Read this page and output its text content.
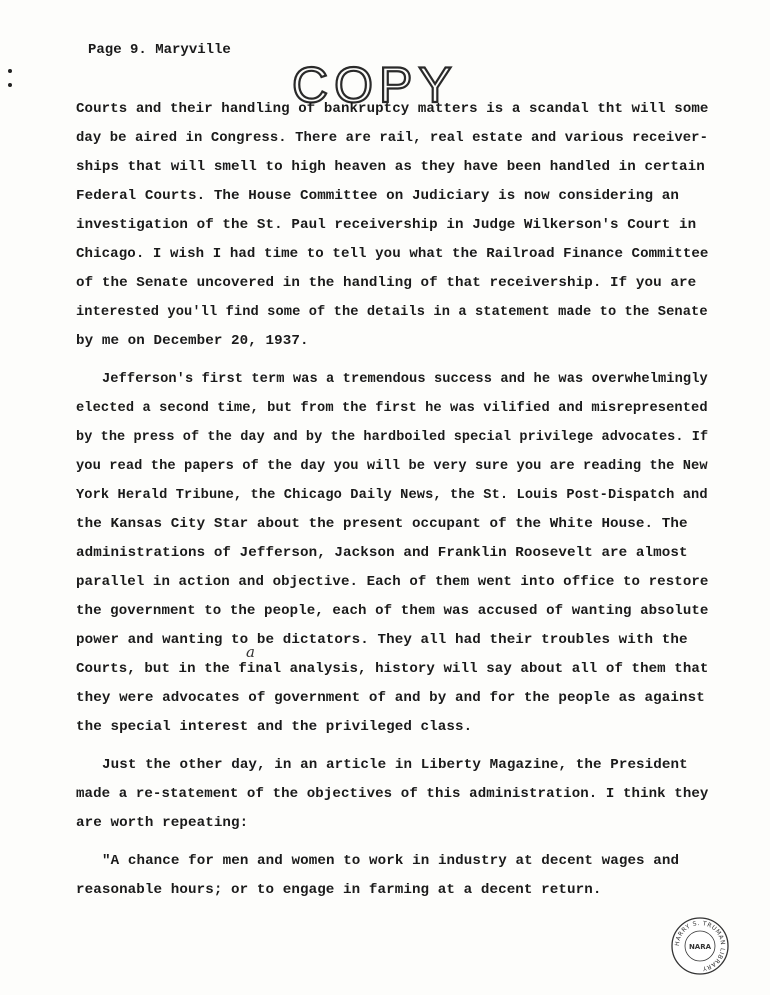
Page 9. Maryville
COPY
Courts and their handling of bankruptcy matters is a scandal tht will some
day be aired in Congress. There are rail, real estate and various receiver-
ships that will smell to high heaven as they have been handled in certain
Federal Courts. The House Committee on Judiciary is now considering an
investigation of the St. Paul receivership in Judge Wilkerson's Court in
Chicago. I wish I had time to tell you what the Railroad Finance Committee
of the Senate uncovered in the handling of that receivership. If you are
interested you'll find some of the details in a statement made to the Senate
by me on December 20, 1937.
Jefferson's first term was a tremendous success and he was overwhelmingly
elected a second time, but from the first he was vilified and misrepresented
by the press of the day and by the hardboiled special privilege advocates. If
you read the papers of the day you will be very sure you are reading the New
York Herald Tribune, the Chicago Daily News, the St. Louis Post-Dispatch and
the Kansas City Star about the present occupant of the White House. The
administrations of Jefferson, Jackson and Franklin Roosevelt are almost
parallel in action and objective. Each of them went into office to restore
the government to the people, each of them was accused of wanting absolute
power and wanting to be dictators. They all had their troubles with the
Courts, but in the final analysis, history will say about all of them that
they were advocates of government of and by and for the people as against
the special interest and the privileged class.
Just the other day, in an article in Liberty Magazine, the President
made a re-statement of the objectives of this administration. I think they
are worth repeating:
"A chance for men and women to work in industry at decent wages and
reasonable hours; or to engage in farming at a decent return.
a
HARRY S. TRUMAN LIBRARY
NARA
